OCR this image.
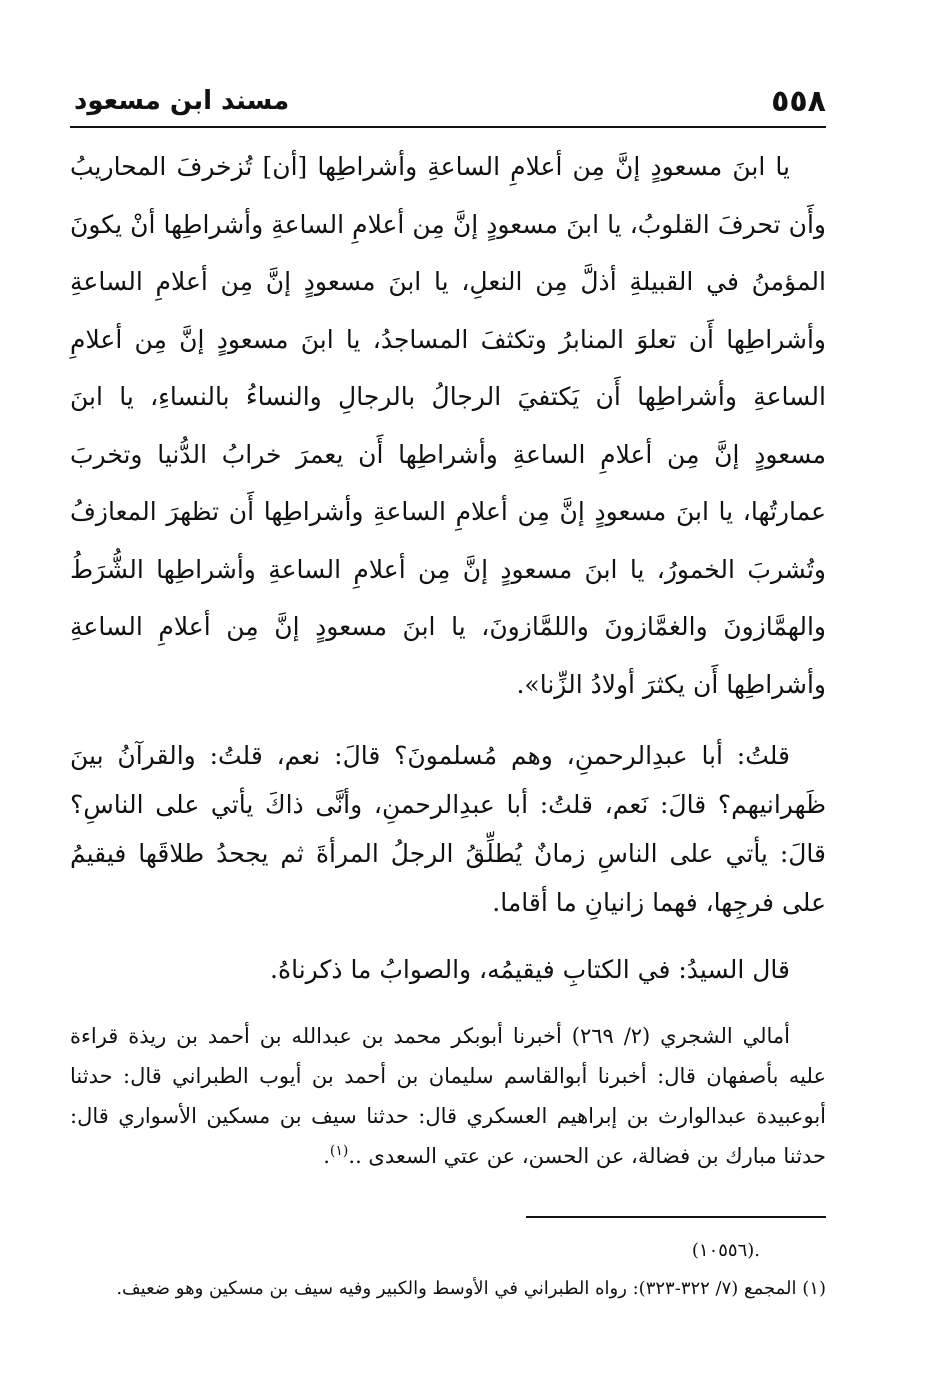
٥٥٨
مسند ابن مسعود

يا ابنَ مسعودٍ إنَّ مِن أعلامِ الساعةِ وأشراطِها [أن] تُزخرفَ المحاريبُ وأَن تحرفَ القلوبُ، يا ابنَ مسعودٍ إنَّ مِن أعلامِ الساعةِ وأشراطِها أنْ يكونَ المؤمنُ في القبيلةِ أذلَّ مِن النعلِ، يا ابنَ مسعودٍ إنَّ مِن أعلامِ الساعةِ وأشراطِها أَن تعلوَ المنابرُ وتكثفَ المساجدُ، يا ابنَ مسعودٍ إنَّ مِن أعلامِ الساعةِ وأشراطِها أَن يَكتفيَ الرجالُ بالرجالِ والنساءُ بالنساءِ، يا ابنَ مسعودٍ إنَّ مِن أعلامِ الساعةِ وأشراطِها أَن يعمرَ خرابُ الدُّنيا وتخربَ عمارتُها، يا ابنَ مسعودٍ إنَّ مِن أعلامِ الساعةِ وأشراطِها أَن تظهرَ المعازفُ وتُشربَ الخمورُ، يا ابنَ مسعودٍ إنَّ مِن أعلامِ الساعةِ وأشراطِها الشُّرَطُ والهمَّازونَ والغمَّازونَ واللمَّازونَ، يا ابنَ مسعودٍ إنَّ مِن أعلامِ الساعةِ وأشراطِها أَن يكثرَ أولادُ الزِّنا».

قلتُ: أبا عبدِالرحمنِ، وهم مُسلمونَ؟ قالَ: نعم، قلتُ: والقرآنُ بينَ ظَهرانيهم؟ قالَ: نَعم، قلتُ: أبا عبدِالرحمنِ، وأنَّى ذاكَ يأتي على الناسِ؟ قالَ: يأتي على الناسِ زمانٌ يُطلِّقُ الرجلُ المرأةَ ثم يجحدُ طلاقَها فيقيمُ على فرجِها، فهما زانيانِ ما أقاما.

قال السيدُ: في الكتابِ فيقيمُه، والصوابُ ما ذكرناهُ.

أمالي الشجري (٢/ ٢٦٩) أخبرنا أبوبكر محمد بن عبدالله بن أحمد بن ريذة قراءة عليه بأصفهان قال: أخبرنا أبوالقاسم سليمان بن أحمد بن أيوب الطبراني قال: حدثنا أبوعبيدة عبدالوارث بن إبراهيم العسكري قال: حدثنا سيف بن مسكين الأسواري قال: حدثنا مبارك بن فضالة، عن الحسن، عن عتي السعدى ..$^{(١)}$.

.(١٠٥٥٦)

(١) المجمع (٧/ ٣٢٢-٣٢٣): رواه الطبراني في الأوسط والكبير وفيه سيف بن مسكين وهو ضعيف.
